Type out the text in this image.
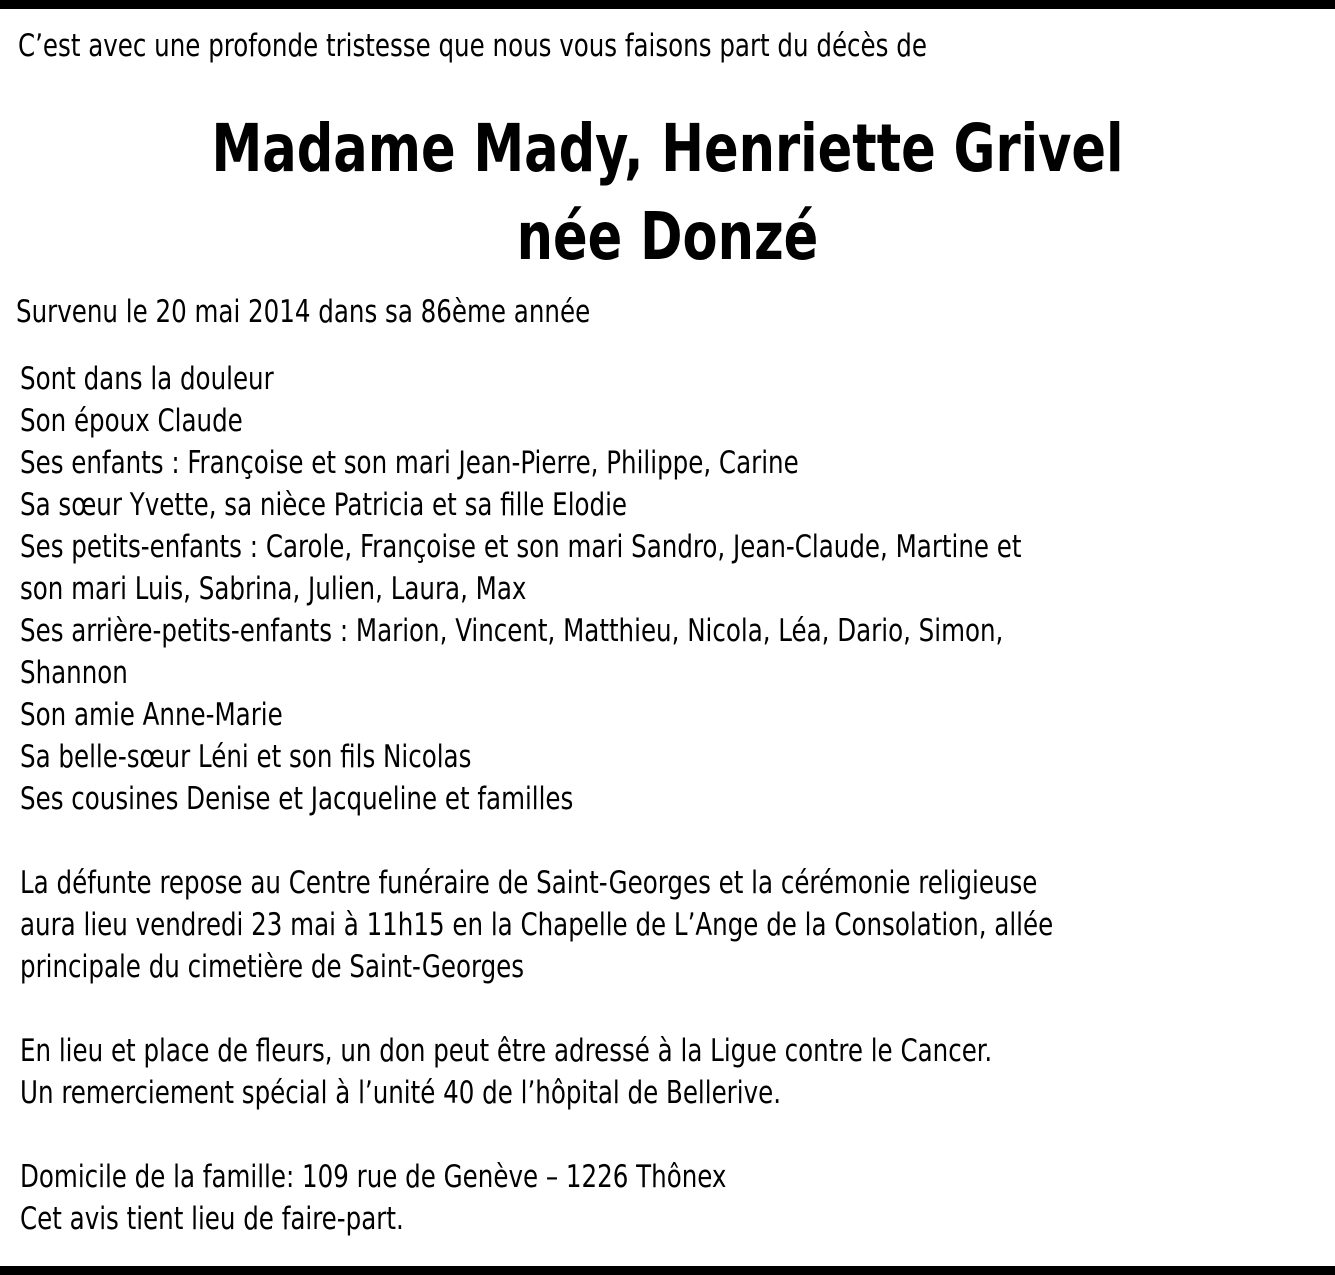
C’est avec une profonde tristesse que nous vous faisons part du décès de
Madame Mady, Henriette Grivel
née Donzé
Survenu le 20 mai 2014 dans sa 86ème année
Sont dans la douleur
Son époux Claude
Ses enfants : Françoise et son mari Jean-Pierre, Philippe, Carine
Sa sœur Yvette, sa nièce Patricia et sa fille Elodie
Ses petits-enfants : Carole, Françoise et son mari Sandro, Jean-Claude, Martine et
son mari Luis, Sabrina, Julien, Laura, Max
Ses arrière-petits-enfants : Marion, Vincent, Matthieu, Nicola, Léa, Dario, Simon,
Shannon
Son amie Anne-Marie
Sa belle-sœur Léni et son fils Nicolas
Ses cousines Denise et Jacqueline et familles
La défunte repose au Centre funéraire de Saint-Georges et la cérémonie religieuse
aura lieu vendredi 23 mai à 11h15 en la Chapelle de L’Ange de la Consolation, allée
principale du cimetière de Saint-Georges
En lieu et place de fleurs, un don peut être adressé à la Ligue contre le Cancer.
Un remerciement spécial à l’unité 40 de l’hôpital de Bellerive.
Domicile de la famille: 109 rue de Genève – 1226 Thônex
Cet avis tient lieu de faire-part.
